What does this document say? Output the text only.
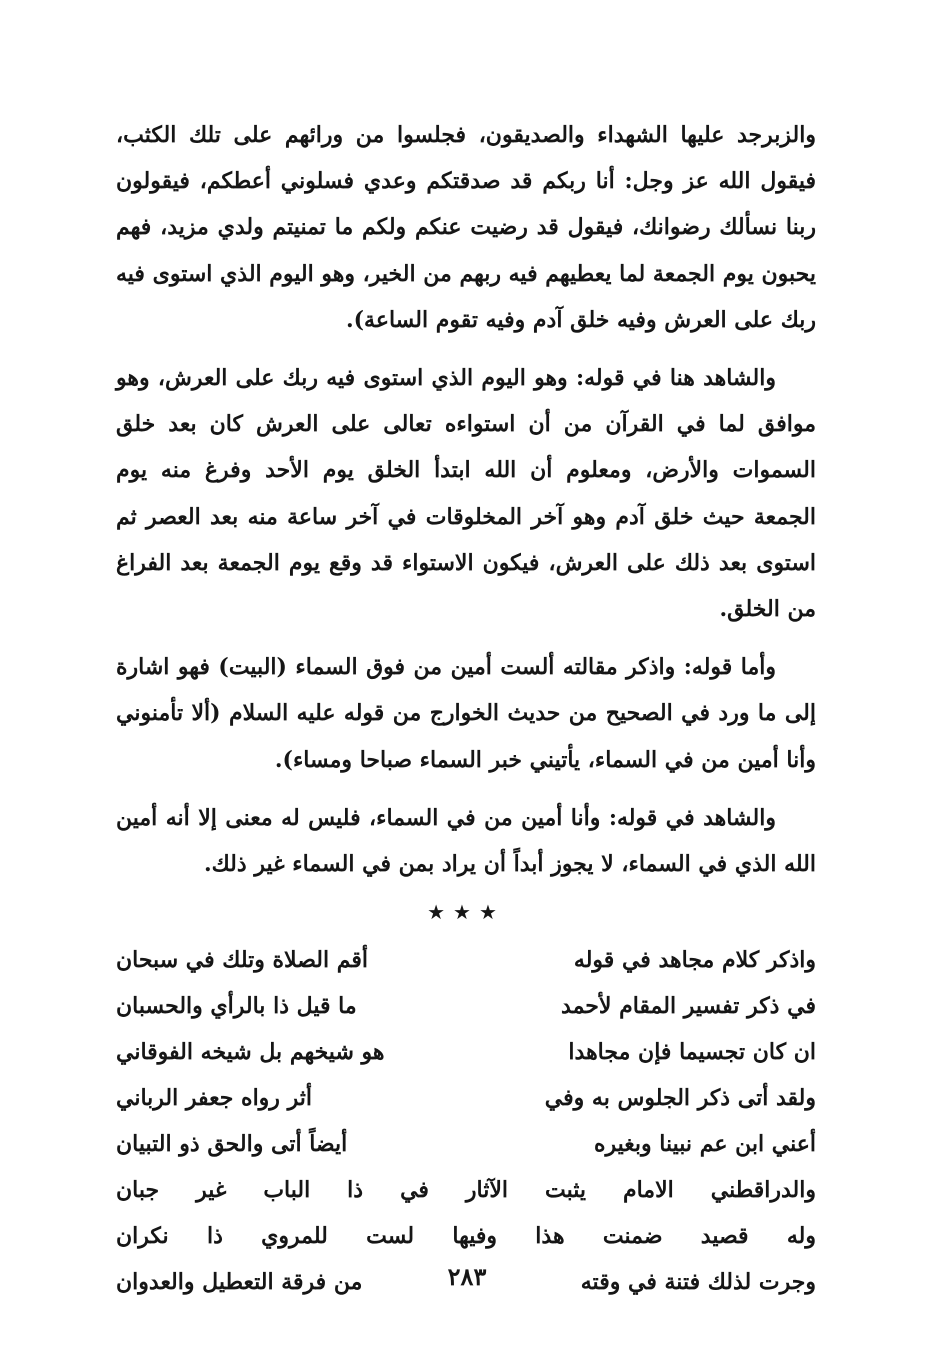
والزبرجد عليها الشهداء والصديقون، فجلسوا من ورائهم على تلك الكثب، فيقول الله عز وجل: أنا ربكم قد صدقتكم وعدي فسلوني أعطكم، فيقولون ربنا نسألك رضوانك، فيقول قد رضيت عنكم ولكم ما تمنيتم ولدي مزيد، فهم يحبون يوم الجمعة لما يعطيهم فيه ربهم من الخير، وهو اليوم الذي استوى فيه ربك على العرش وفيه خلق آدم وفيه تقوم الساعة).

والشاهد هنا في قوله: وهو اليوم الذي استوى فيه ربك على العرش، وهو موافق لما في القرآن من أن استواءه تعالى على العرش كان بعد خلق السموات والأرض، ومعلوم أن الله ابتدأ الخلق يوم الأحد وفرغ منه يوم الجمعة حيث خلق آدم وهو آخر المخلوقات في آخر ساعة منه بعد العصر ثم استوى بعد ذلك على العرش، فيكون الاستواء قد وقع يوم الجمعة بعد الفراغ من الخلق.

وأما قوله: واذكر مقالته ألست أمين من فوق السماء (البيت) فهو اشارة إلى ما ورد في الصحيح من حديث الخوارج من قوله عليه السلام (ألا تأمنوني وأنا أمين من في السماء، يأتيني خبر السماء صباحا ومساء).

والشاهد في قوله: وأنا أمين من في السماء، فليس له معنى إلا أنه أمين الله الذي في السماء، لا يجوز أبداً أن يراد بمن في السماء غير ذلك.

★★★
واذكر كلام مجاهد في قوله
أقم الصلاة وتلك في سبحان
في ذكر تفسير المقام لأحمد
ما قيل ذا بالرأي والحسبان
ان كان تجسيما فإن مجاهدا
هو شيخهم بل شيخه الفوقاني
ولقد أتى ذكر الجلوس به وفي
أثر رواه جعفر الرباني
أعني ابن عم نبينا وبغيره
أيضاً أتى والحق ذو التبيان
والدراقطني الامام يثبت الآثار في ذا الباب غير جبان
وله قصيد ضمنت هذا وفيها لست للمروي ذا نكران
وجرت لذلك فتنة في وقته
من فرقة التعطيل والعدوان	٢٨٣
